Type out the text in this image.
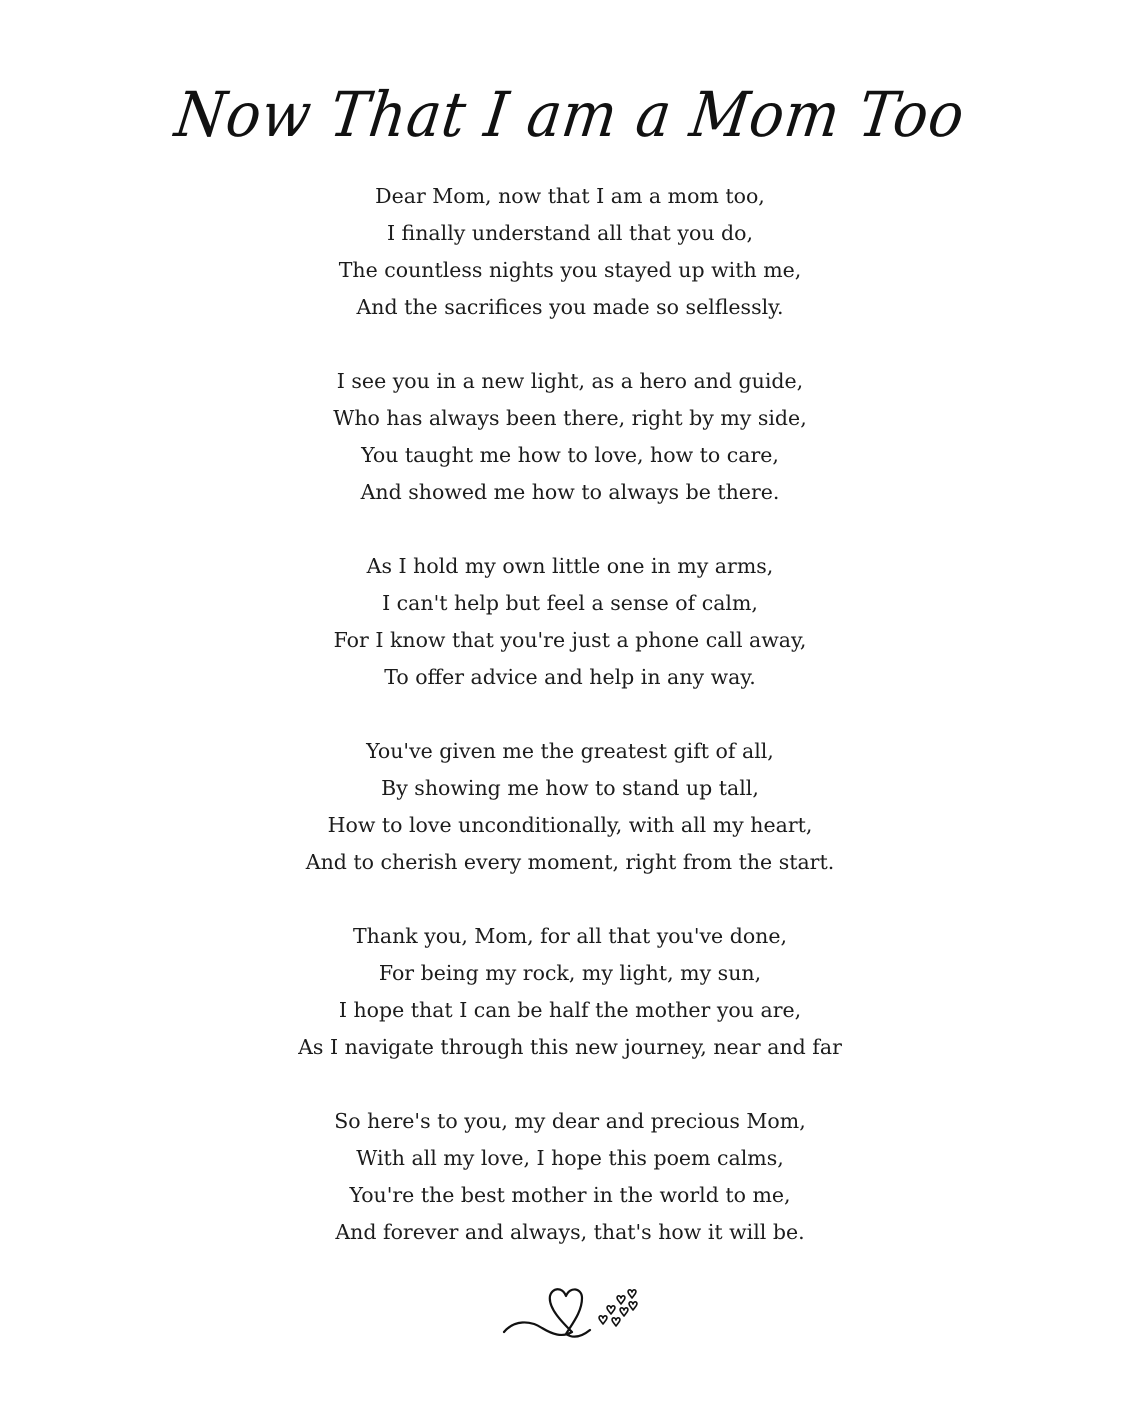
Now That I am a Mom Too
Dear Mom, now that I am a mom too,
I finally understand all that you do,
The countless nights you stayed up with me,
And the sacrifices you made so selflessly.
I see you in a new light, as a hero and guide,
Who has always been there, right by my side,
You taught me how to love, how to care,
And showed me how to always be there.
As I hold my own little one in my arms,
I can't help but feel a sense of calm,
For I know that you're just a phone call away,
To offer advice and help in any way.
You've given me the greatest gift of all,
By showing me how to stand up tall,
How to love unconditionally, with all my heart,
And to cherish every moment, right from the start.
Thank you, Mom, for all that you've done,
For being my rock, my light, my sun,
I hope that I can be half the mother you are,
As I navigate through this new journey, near and far
So here's to you, my dear and precious Mom,
With all my love, I hope this poem calms,
You're the best mother in the world to me,
And forever and always, that's how it will be.
